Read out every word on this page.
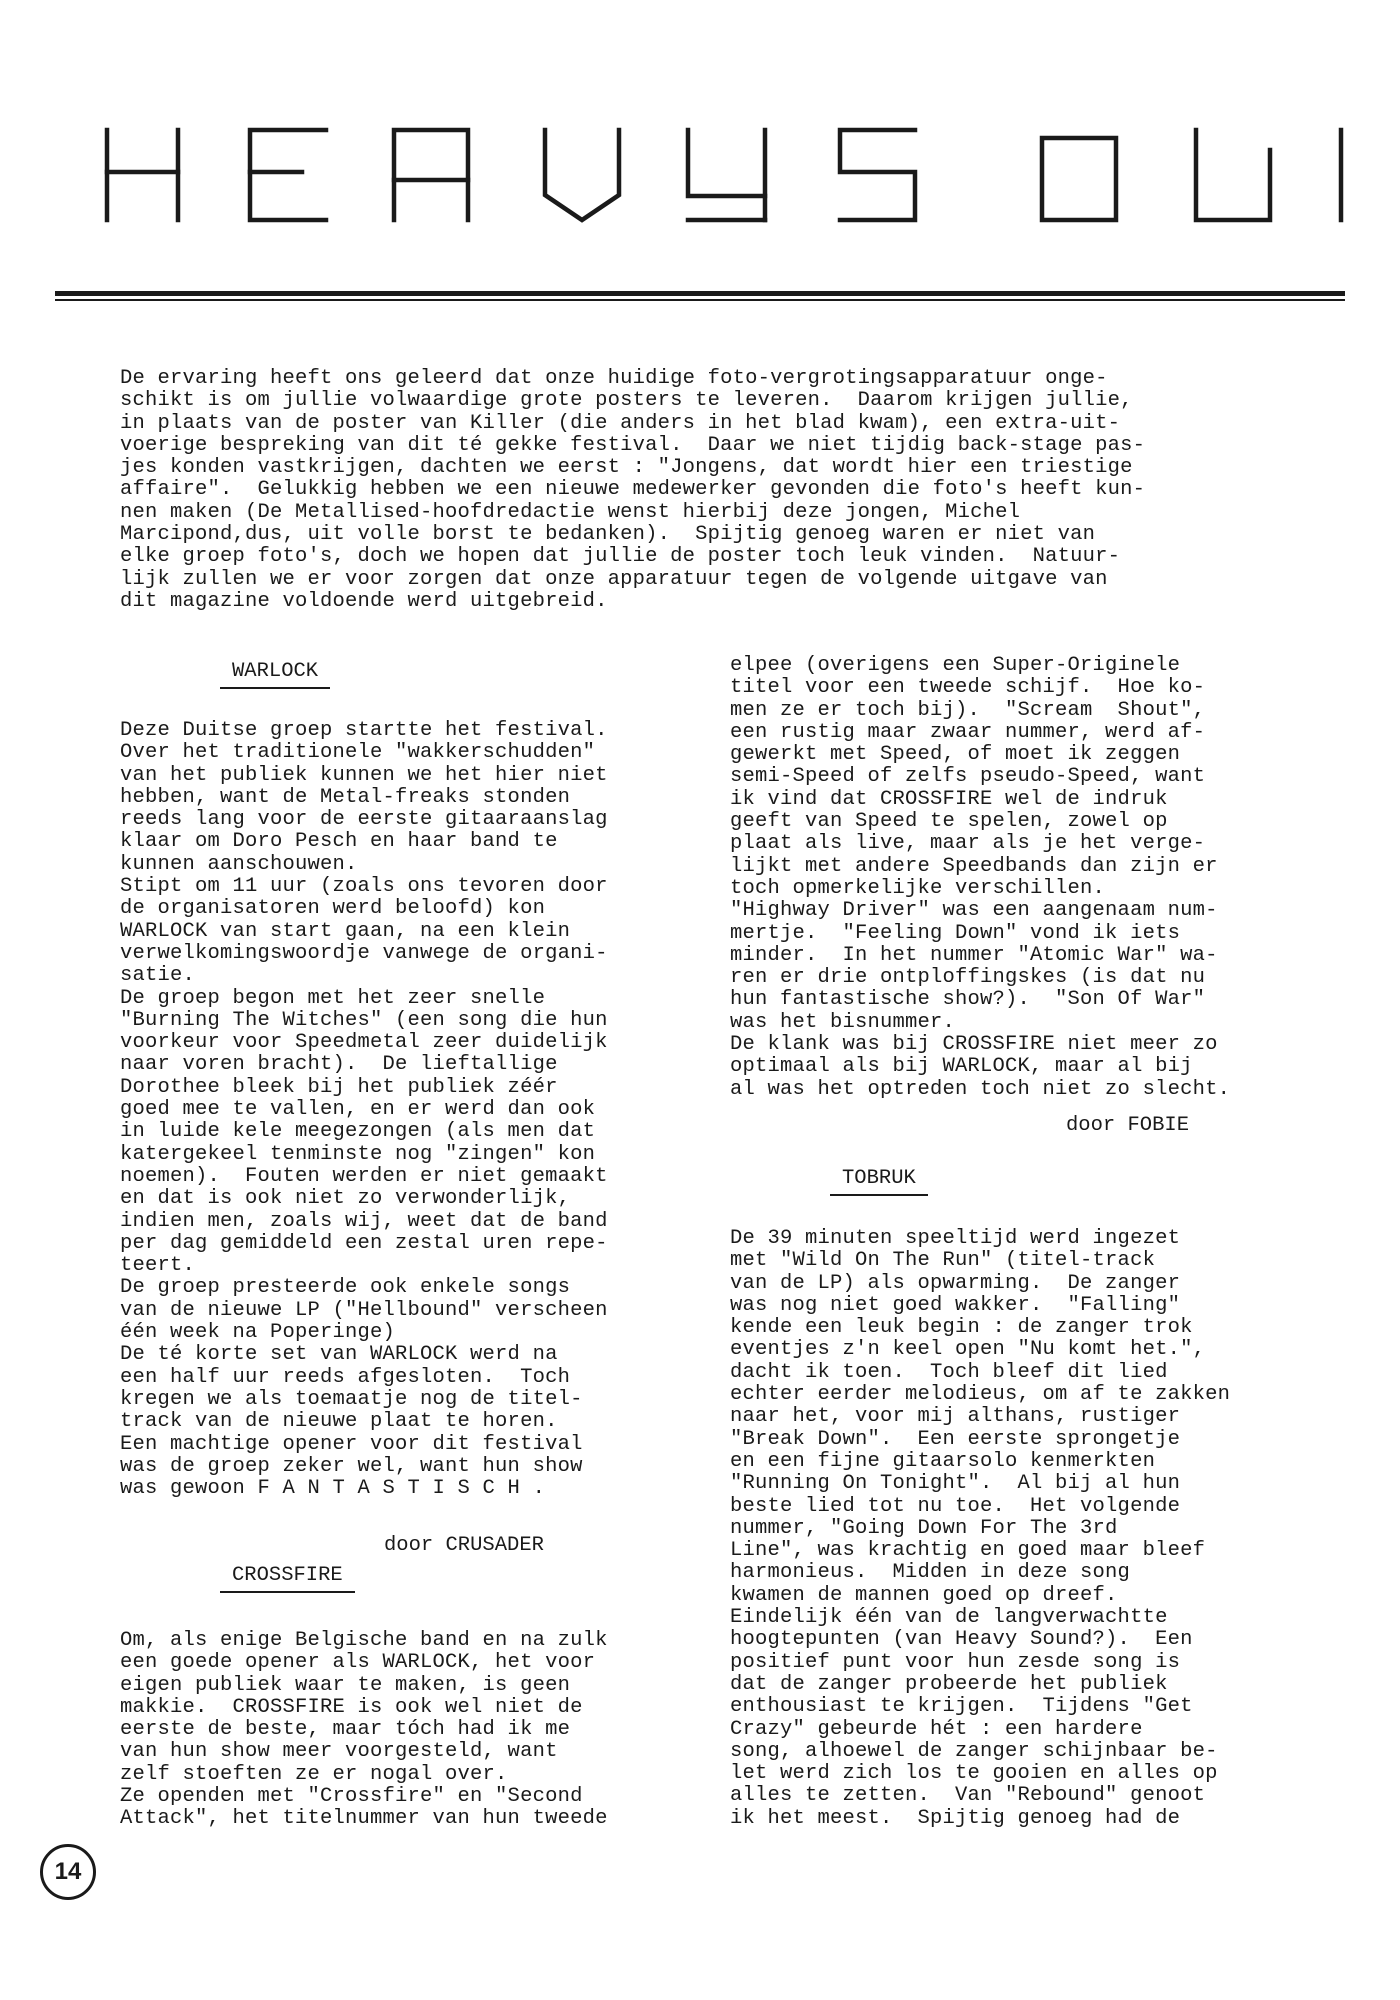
De ervaring heeft ons geleerd dat onze huidige foto-vergrotingsapparatuur onge-
schikt is om jullie volwaardige grote posters te leveren.  Daarom krijgen jullie,
in plaats van de poster van Killer (die anders in het blad kwam), een extra-uit-
voerige bespreking van dit té gekke festival.  Daar we niet tijdig back-stage pas-
jes konden vastkrijgen, dachten we eerst : "Jongens, dat wordt hier een triestige
affaire".  Gelukkig hebben we een nieuwe medewerker gevonden die foto's heeft kun-
nen maken (De Metallised-hoofdredactie wenst hierbij deze jongen, Michel
Marcipond,dus, uit volle borst te bedanken).  Spijtig genoeg waren er niet van
elke groep foto's, doch we hopen dat jullie de poster toch leuk vinden.  Natuur-
lijk zullen we er voor zorgen dat onze apparatuur tegen de volgende uitgave van
dit magazine voldoende werd uitgebreid.

WARLOCK

Deze Duitse groep startte het festival.
Over het traditionele "wakkerschudden"
van het publiek kunnen we het hier niet
hebben, want de Metal-freaks stonden
reeds lang voor de eerste gitaaraanslag
klaar om Doro Pesch en haar band te
kunnen aanschouwen.
Stipt om 11 uur (zoals ons tevoren door
de organisatoren werd beloofd) kon
WARLOCK van start gaan, na een klein
verwelkomingswoordje vanwege de organi-
satie.
De groep begon met het zeer snelle
"Burning The Witches" (een song die hun
voorkeur voor Speedmetal zeer duidelijk
naar voren bracht).  De lieftallige
Dorothee bleek bij het publiek zéér
goed mee te vallen, en er werd dan ook
in luide kele meegezongen (als men dat
katergekeel tenminste nog "zingen" kon
noemen).  Fouten werden er niet gemaakt
en dat is ook niet zo verwonderlijk,
indien men, zoals wij, weet dat de band
per dag gemiddeld een zestal uren repe-
teert.
De groep presteerde ook enkele songs
van de nieuwe LP ("Hellbound" verscheen
één week na Poperinge)
De té korte set van WARLOCK werd na
een half uur reeds afgesloten.  Toch
kregen we als toemaatje nog de titel-
track van de nieuwe plaat te horen.
Een machtige opener voor dit festival
was de groep zeker wel, want hun show
was gewoon F A N T A S T I S C H .

door CRUSADER
CROSSFIRE

Om, als enige Belgische band en na zulk
een goede opener als WARLOCK, het voor
eigen publiek waar te maken, is geen
makkie.  CROSSFIRE is ook wel niet de
eerste de beste, maar tóch had ik me
van hun show meer voorgesteld, want
zelf stoeften ze er nogal over.
Ze openden met "Crossfire" en "Second
Attack", het titelnummer van hun tweede

elpee (overigens een Super-Originele
titel voor een tweede schijf.  Hoe ko-
men ze er toch bij).  "Scream  Shout",
een rustig maar zwaar nummer, werd af-
gewerkt met Speed, of moet ik zeggen
semi-Speed of zelfs pseudo-Speed, want
ik vind dat CROSSFIRE wel de indruk
geeft van Speed te spelen, zowel op
plaat als live, maar als je het verge-
lijkt met andere Speedbands dan zijn er
toch opmerkelijke verschillen.
"Highway Driver" was een aangenaam num-
mertje.  "Feeling Down" vond ik iets
minder.  In het nummer "Atomic War" wa-
ren er drie ontploffingskes (is dat nu
hun fantastische show?).  "Son Of War"
was het bisnummer.
De klank was bij CROSSFIRE niet meer zo
optimaal als bij WARLOCK, maar al bij
al was het optreden toch niet zo slecht.

door FOBIE
TOBRUK

De 39 minuten speeltijd werd ingezet
met "Wild On The Run" (titel-track
van de LP) als opwarming.  De zanger
was nog niet goed wakker.  "Falling"
kende een leuk begin : de zanger trok
eventjes z'n keel open "Nu komt het.",
dacht ik toen.  Toch bleef dit lied
echter eerder melodieus, om af te zakken
naar het, voor mij althans, rustiger
"Break Down".  Een eerste sprongetje
en een fijne gitaarsolo kenmerkten
"Running On Tonight".  Al bij al hun
beste lied tot nu toe.  Het volgende
nummer, "Going Down For The 3rd
Line", was krachtig en goed maar bleef
harmonieus.  Midden in deze song
kwamen de mannen goed op dreef.
Eindelijk één van de langverwachtte
hoogtepunten (van Heavy Sound?).  Een
positief punt voor hun zesde song is
dat de zanger probeerde het publiek
enthousiast te krijgen.  Tijdens "Get
Crazy" gebeurde hét : een hardere
song, alhoewel de zanger schijnbaar be-
let werd zich los te gooien en alles op
alles te zetten.  Van "Rebound" genoot
ik het meest.  Spijtig genoeg had de

14
